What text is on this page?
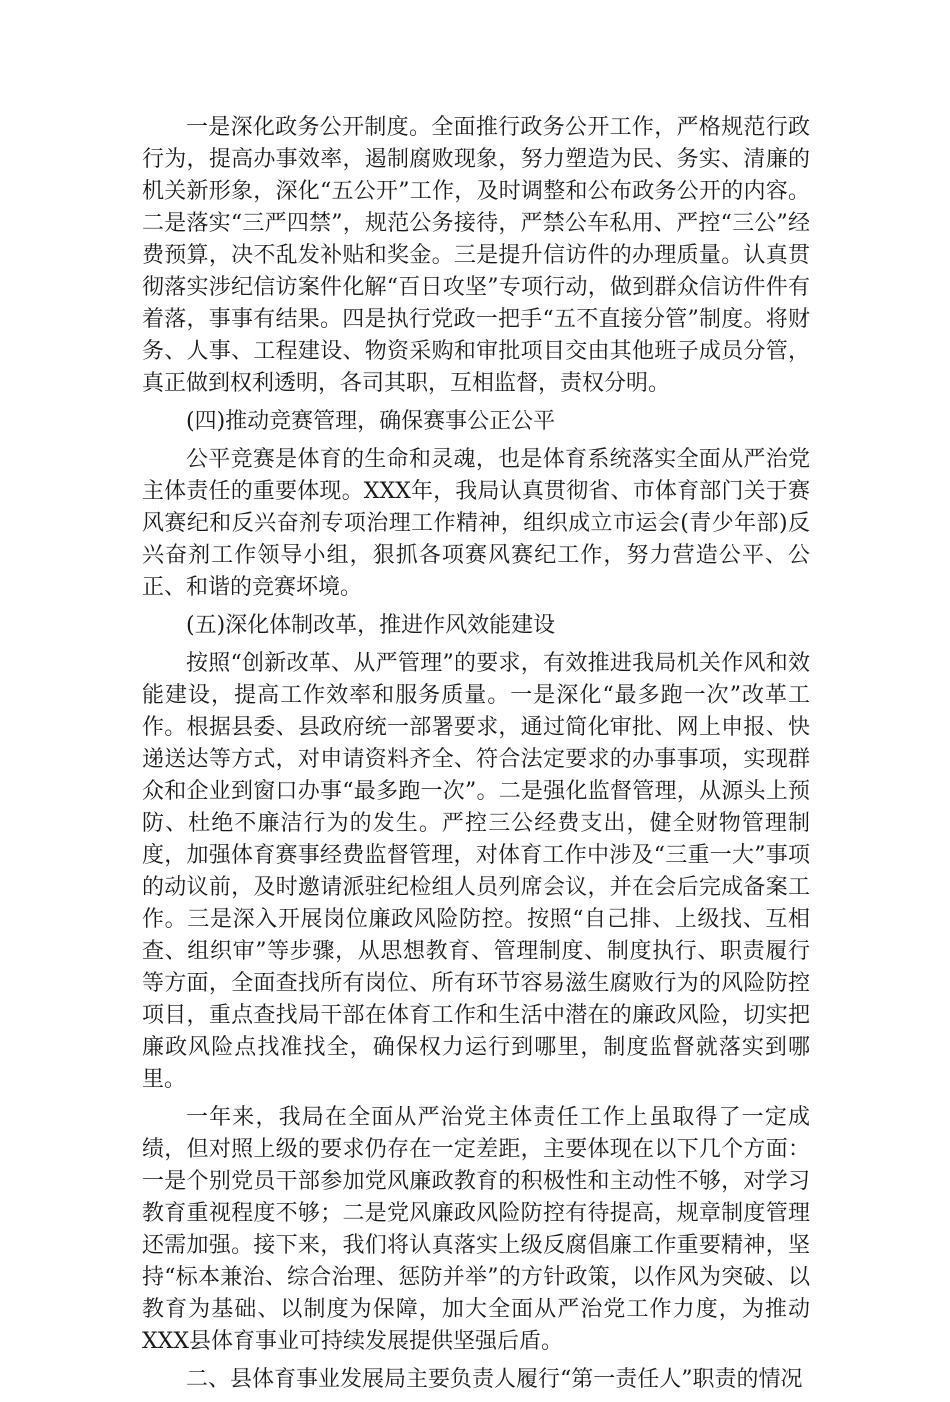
一是深化政务公开制度。全面推行政务公开工作，严格规范行政行为，提高办事效率，遏制腐败现象，努力塑造为民、务实、清廉的机关新形象，深化“五公开”工作，及时调整和公布政务公开的内容。二是落实“三严四禁”，规范公务接待，严禁公车私用、严控“三公”经费预算，决不乱发补贴和奖金。三是提升信访件的办理质量。认真贯彻落实涉纪信访案件化解“百日攻坚”专项行动，做到群众信访件件有着落，事事有结果。四是执行党政一把手“五不直接分管”制度。将财务、人事、工程建设、物资采购和审批项目交由其他班子成员分管，真正做到权利透明，各司其职，互相监督，责权分明。

(四)推动竞赛管理，确保赛事公正公平

公平竞赛是体育的生命和灵魂，也是体育系统落实全面从严治党主体责任的重要体现。XXX年，我局认真贯彻省、市体育部门关于赛风赛纪和反兴奋剂专项治理工作精神，组织成立市运会(青少年部)反兴奋剂工作领导小组，狠抓各项赛风赛纪工作，努力营造公平、公正、和谐的竞赛坏境。

(五)深化体制改革，推进作风效能建设

按照“创新改革、从严管理”的要求，有效推进我局机关作风和效能建设，提高工作效率和服务质量。一是深化“最多跑一次”改革工作。根据县委、县政府统一部署要求，通过简化审批、网上申报、快递送达等方式，对申请资料齐全、符合法定要求的办事事项，实现群众和企业到窗口办事“最多跑一次”。二是强化监督管理，从源头上预防、杜绝不廉洁行为的发生。严控三公经费支出，健全财物管理制度，加强体育赛事经费监督管理，对体育工作中涉及“三重一大”事项的动议前，及时邀请派驻纪检组人员列席会议，并在会后完成备案工作。三是深入开展岗位廉政风险防控。按照“自己排、上级找、互相查、组织审”等步骤，从思想教育、管理制度、制度执行、职责履行等方面，全面查找所有岗位、所有环节容易滋生腐败行为的风险防控项目，重点查找局干部在体育工作和生活中潜在的廉政风险，切实把廉政风险点找准找全，确保权力运行到哪里，制度监督就落实到哪里。

一年来，我局在全面从严治党主体责任工作上虽取得了一定成绩，但对照上级的要求仍存在一定差距，主要体现在以下几个方面：一是个别党员干部参加党风廉政教育的积极性和主动性不够，对学习教育重视程度不够；二是党风廉政风险防控有待提高，规章制度管理还需加强。接下来，我们将认真落实上级反腐倡廉工作重要精神，坚持“标本兼治、综合治理、惩防并举”的方针政策，以作风为突破、以教育为基础、以制度为保障，加大全面从严治党工作力度，为推动XXX县体育事业可持续发展提供坚强后盾。

二、县体育事业发展局主要负责人履行“第一责任人”职责的情况
